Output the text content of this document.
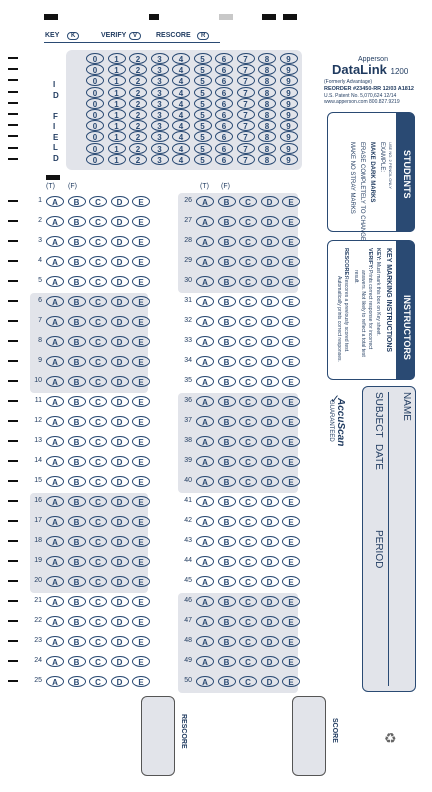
KEY	K	VERIFY	V	RESCORE	R
I
D
F
I
E
L
D
0	1	2	3	4	5	6	7	8	9
0	1	2	3	4	5	6	7	8	9
0	1	2	3	4	5	6	7	8	9
0	1	2	3	4	5	6	7	8	9
0	1	2	3	4	5	6	7	8	9
0	1	2	3	4	5	6	7	8	9
0	1	2	3	4	5	6	7	8	9
0	1	2	3	4	5	6	7	8	9
0	1	2	3	4	5	6	7	8	9
0	1	2	3	4	5	6	7	8	9
(T) (F)	(T) (F)
1	A	B	C	D	E
2	A	B	C	D	E
3	A	B	C	D	E
4	A	B	C	D	E
5	A	B	C	D	E
6	A	B	C	D	E
7	A	B	C	D	E
8	A	B	C	D	E
9	A	B	C	D	E
10	A	B	C	D	E
11	A	B	C	D	E
12	A	B	C	D	E
13	A	B	C	D	E
14	A	B	C	D	E
15	A	B	C	D	E
16	A	B	C	D	E
17	A	B	C	D	E
18	A	B	C	D	E
19	A	B	C	D	E
20	A	B	C	D	E
21	A	B	C	D	E
22	A	B	C	D	E
23	A	B	C	D	E
24	A	B	C	D	E
25	A	B	C	D	E
26	A	B	C	D	E
27	A	B	C	D	E
28	A	B	C	D	E
29	A	B	C	D	E
30	A	B	C	D	E
31	A	B	C	D	E
32	A	B	C	D	E
33	A	B	C	D	E
34	A	B	C	D	E
35	A	B	C	D	E
36	A	B	C	D	E
37	A	B	C	D	E
38	A	B	C	D	E
39	A	B	C	D	E
40	A	B	C	D	E
41	A	B	C	D	E
42	A	B	C	D	E
43	A	B	C	D	E
44	A	B	C	D	E
45	A	B	C	D	E
46	A	B	C	D	E
47	A	B	C	D	E
48	A	B	C	D	E
49	A	B	C	D	E
50	A	B	C	D	E
Apperson
DataLink 1200
(Formerly Advantage)
REORDER #23450-RR 12/03 A1812
U.S. Patent No. 5,070,624 12/14
www.apperson.com 800.827.9219
STUDENTS
USE NO. 2 PENCIL ONLY
EXAMPLE:
MAKE DARK MARKS
ERASE COMPLETELY TO CHANGE
MAKE NO STRAY MARKS
INSTRUCTORS
KEY MARKING INSTRUCTIONS
KEY:
Must mark this box on Key sheet.
VERIFY:
Prints correct response for incorrect answers. Not likely to reflect a total test result.
RESCORE:
Rescores a previously scored test. Automatically prints correct responses.
AccuScan
GUARANTEED
✓	NAME
SUBJECT
DATE
PERIOD
RESCORE	SCORE	♻
